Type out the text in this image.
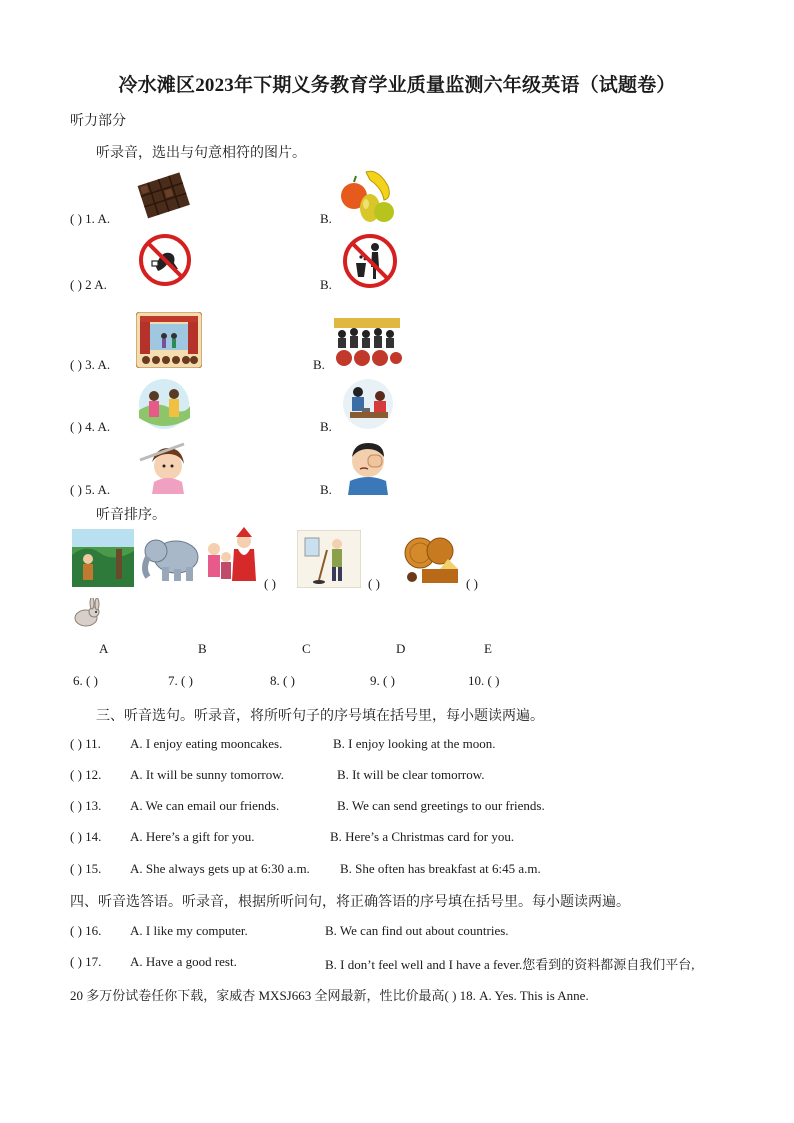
冷水滩区2023年下期义务教育学业质量监测六年级英语（试题卷）
听力部分
听录音，选出与句意相符的图片。
( ) 1. A.	B.
( ) 2 A.	B.
( ) 3. A.	B.
( ) 4. A.	B.
( ) 5. A.	B.
听音排序。
( )	( )	( )
A	B	C	D	E
6. ( )	7. ( )	8. ( )	9. ( )	10. ( )
三、听音选句。听录音，将所听句子的序号填在括号里，每小题读两遍。
( ) 11. A. I enjoy eating mooncakes.	B. I enjoy looking at the moon.
( ) 12. A. It will be sunny tomorrow.	B. It will be clear tomorrow.
( ) 13. A. We can email our friends.	B. We can send greetings to our friends.
( ) 14. A. Here’s a gift for you.	B. Here’s a Christmas card for you.
( ) 15. A. She always gets up at 6:30 a.m. B. She often has breakfast at 6:45 a.m.
四、听音选答语。听录音，根据所听问句，将正确答语的序号填在括号里。每小题读两遍。
( ) 16. A. I like my computer.	B. We can find out about countries.
( ) 17. A. Have a good rest.	B. I don’t feel well and I have a fever.您看到的资料都源自我们平台,
20 多万份试卷任你下载，家威杏 MXSJ663 全网最新，性比价最高( ) 18. A. Yes. This is Anne.
